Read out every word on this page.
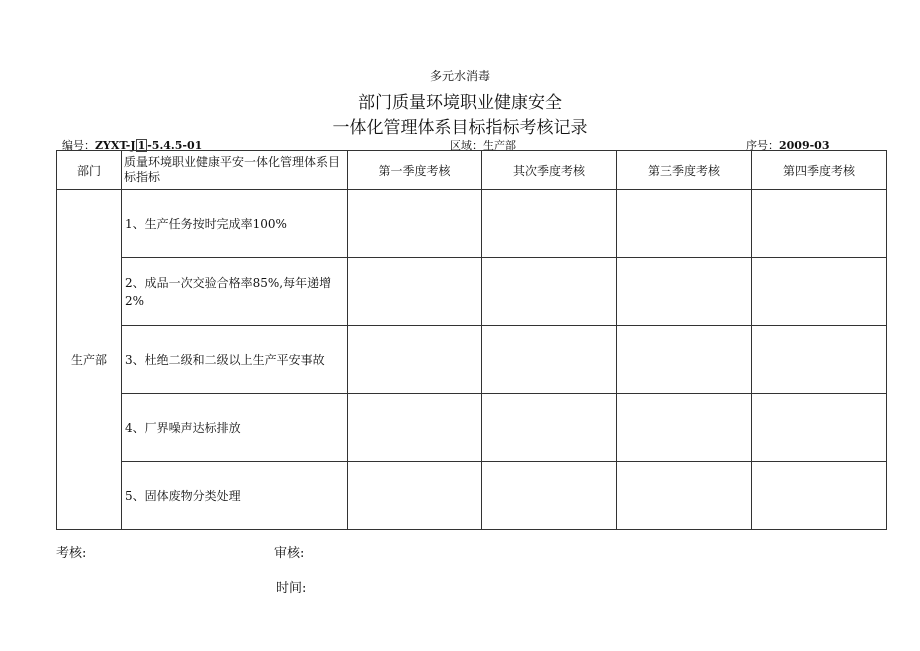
多元水消毒
部门质量环境职业健康安全
一体化管理体系目标指标考核记录
编号：ZYXT-J 1 -5.4.5-01	区域：生产部	序号：2009-03
部门	质量环境职业健康平安一体化管理体系目标指标	第一季度考核	其次季度考核	第三季度考核	第四季度考核
生产部	1、生产任务按时完成率100%				
	2、成品一次交验合格率85%,每年递增2%				
	3、杜绝二级和二级以上生产平安事故				
	4、厂界噪声达标排放				
	5、固体废物分类处理				
考核:	审核:
时间:
